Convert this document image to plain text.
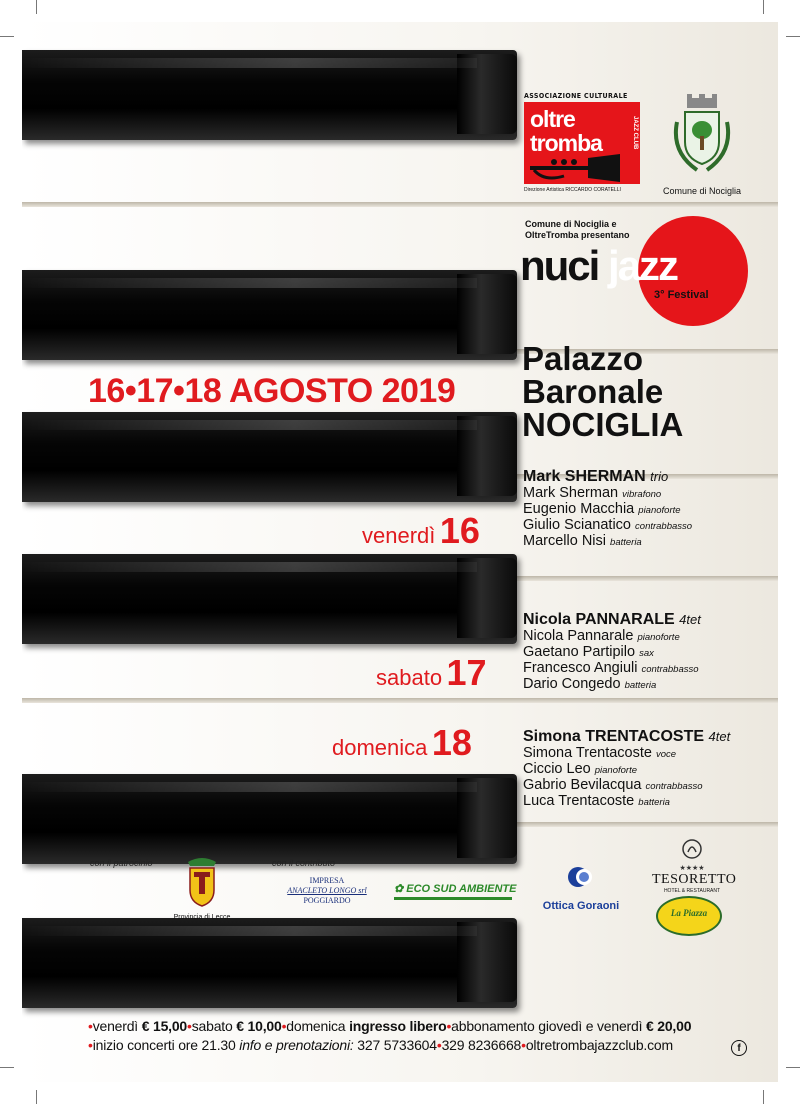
ASSOCIAZIONE CULTURALE
oltre
tromba	JAZZ CLUB
Direzione Artistica RICCARDO CORATELLI	Comune di Nociglia
Comune di Nociglia e
OltreTromba presentano
nuci jazz
3° Festival
Palazzo
Baronale
NOCIGLIA
16•17•18 AGOSTO 2019
Mark SHERMAN trio
Mark Sherman vibrafono
Eugenio Macchia pianoforte
Giulio Scianatico contrabbasso
Marcello Nisi batteria
venerdì 16
Nicola PANNARALE 4tet
Nicola Pannarale pianoforte
Gaetano Partipilo sax
Francesco Angiuli contrabbasso
Dario Congedo batteria
sabato 17
Simona TRENTACOSTE 4tet
Simona Trentacoste voce
Ciccio Leo pianoforte
Gabrio Bevilacqua contrabbasso
Luca Trentacoste batteria
domenica 18
con il patrocinio	con il contributo
Provincia di Lecce
IMPRESA
ANACLETO LONGO srl
POGGIARDO
✿ ECO SUD AMBIENTE
Ottica Goraoni
★★★★
TESORETTO
HOTEL & RESTAURANT
La Piazza
•venerdì € 15,00•sabato € 10,00•domenica ingresso libero•abbonamento giovedì e venerdì € 20,00
•inizio concerti ore 21.30 info e prenotazioni: 327 5733604•329 8236668•oltretrombajazzclub.com	f
